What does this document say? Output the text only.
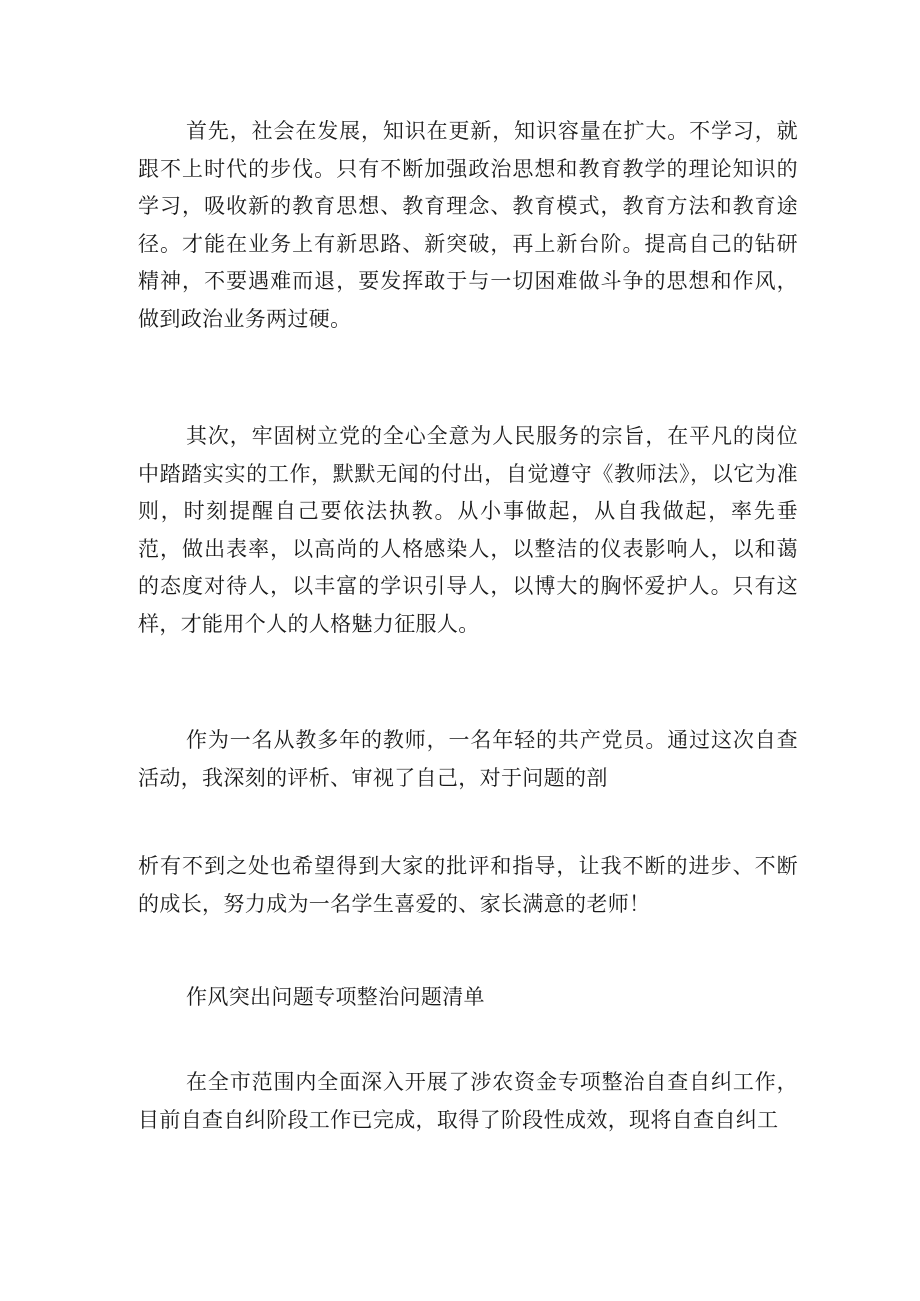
首先，社会在发展，知识在更新，知识容量在扩大。不学习，就跟不上时代的步伐。只有不断加强政治思想和教育教学的理论知识的学习，吸收新的教育思想、教育理念、教育模式，教育方法和教育途径。才能在业务上有新思路、新突破，再上新台阶。提高自己的钻研精神，不要遇难而退，要发挥敢于与一切困难做斗争的思想和作风，做到政治业务两过硬。

其次，牢固树立党的全心全意为人民服务的宗旨，在平凡的岗位中踏踏实实的工作，默默无闻的付出，自觉遵守《教师法》，以它为准则，时刻提醒自己要依法执教。从小事做起，从自我做起，率先垂范，做出表率，以高尚的人格感染人，以整洁的仪表影响人，以和蔼的态度对待人，以丰富的学识引导人，以博大的胸怀爱护人。只有这样，才能用个人的人格魅力征服人。

作为一名从教多年的教师，一名年轻的共产党员。通过这次自查活动，我深刻的评析、审视了自己，对于问题的剖

析有不到之处也希望得到大家的批评和指导，让我不断的进步、不断的成长，努力成为一名学生喜爱的、家长满意的老师！

作风突出问题专项整治问题清单

在全市范围内全面深入开展了涉农资金专项整治自查自纠工作，目前自查自纠阶段工作已完成，取得了阶段性成效，现将自查自纠工
